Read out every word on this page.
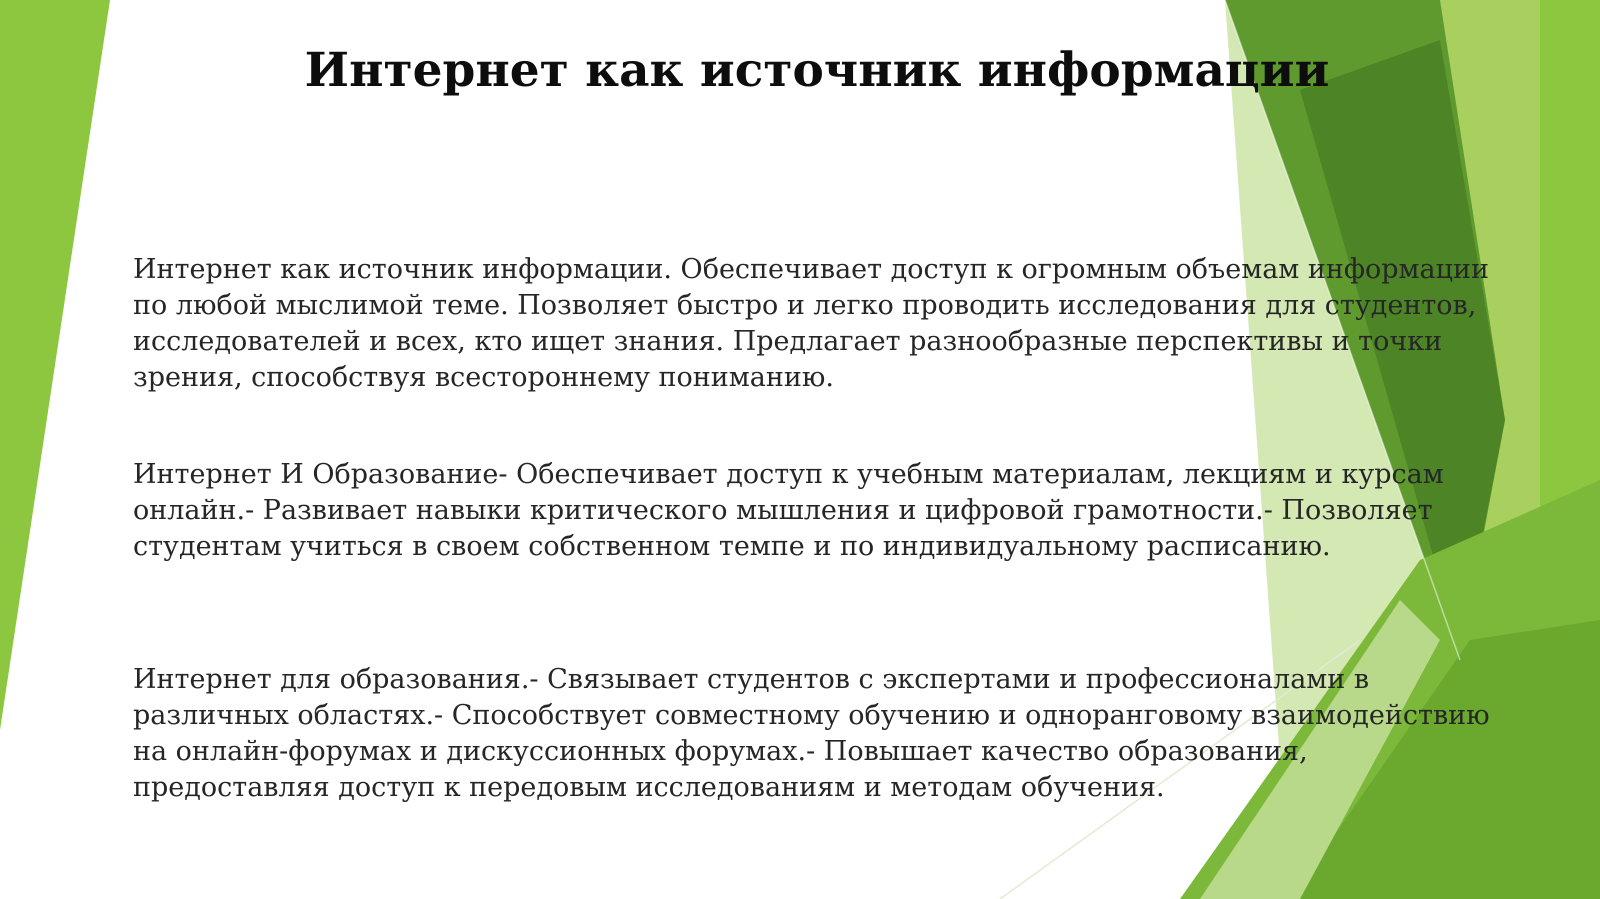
Интернет как источник информации

Интернет как источник информации. Обеспечивает доступ к огромным объемам информации по любой мыслимой теме. Позволяет быстро и легко проводить исследования для студентов, исследователей и всех, кто ищет знания. Предлагает разнообразные перспективы и точки зрения, способствуя всестороннему пониманию.

Интернет И Образование- Обеспечивает доступ к учебным материалам, лекциям и курсам онлайн.- Развивает навыки критического мышления и цифровой грамотности.- Позволяет студентам учиться в своем собственном темпе и по индивидуальному расписанию.

Интернет для образования.- Связывает студентов с экспертами и профессионалами в различных областях.- Способствует совместному обучению и одноранговому взаимодействию на онлайн-форумах и дискуссионных форумах.- Повышает качество образования, предоставляя доступ к передовым исследованиям и методам обучения.
